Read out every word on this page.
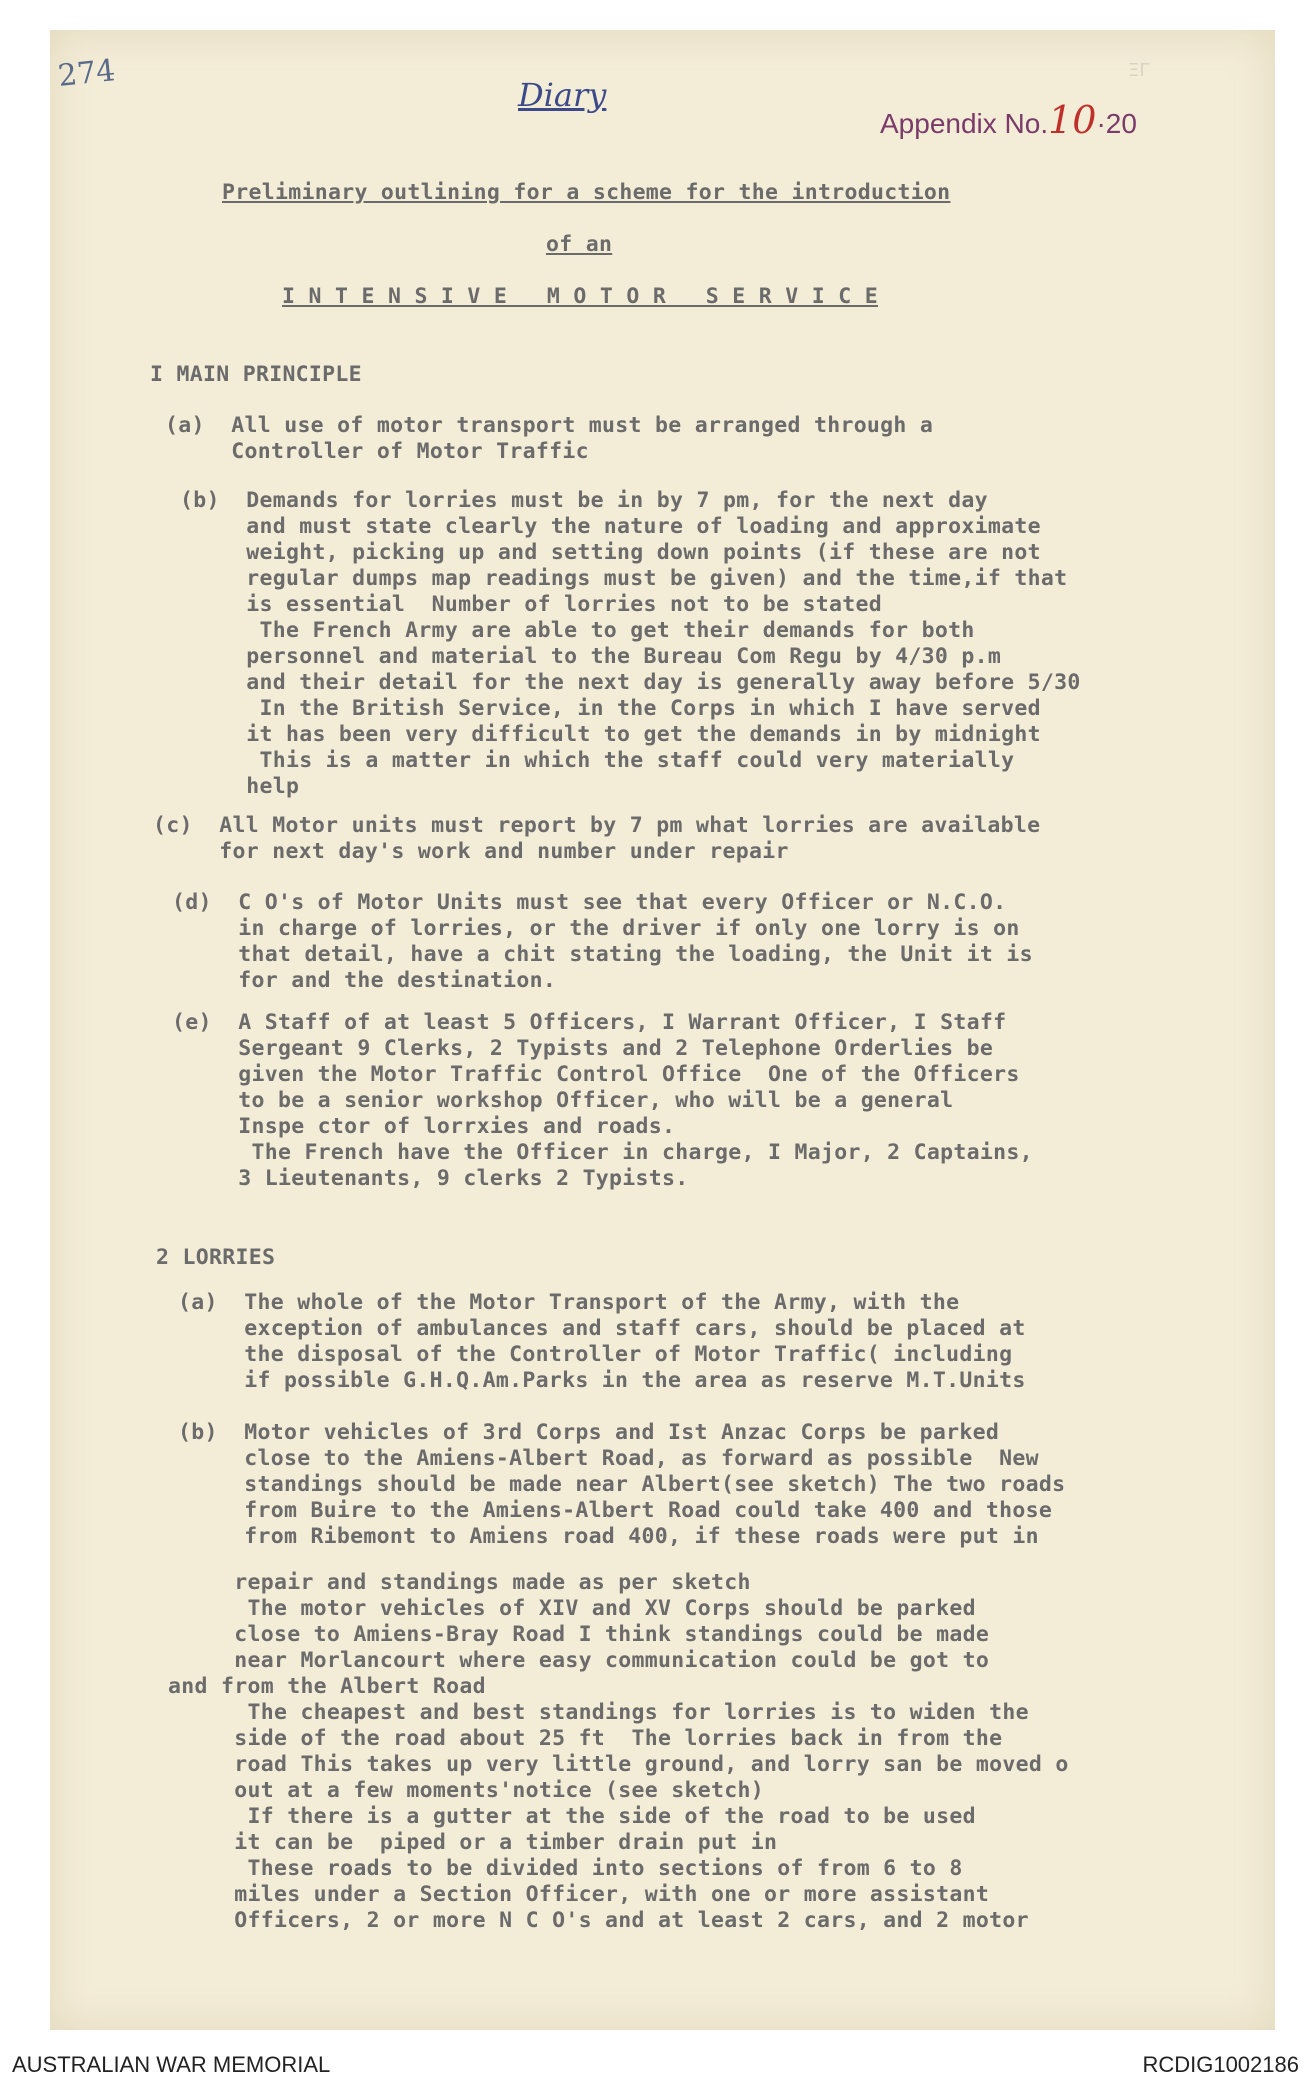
274
Diary
Appendix No.10·20
ΞΓ
Preliminary outlining for a scheme for the introduction
of an
I N T E N S I V E   M O T O R   S E R V I C E
I MAIN PRINCIPLE
(a)  All use of motor transport must be arranged through a
Controller of Motor Traffic
(b)  Demands for lorries must be in by 7 pm, for the next day
and must state clearly the nature of loading and approximate
weight, picking up and setting down points (if these are not
regular dumps map readings must be given) and the time,if that
is essential  Number of lorries not to be stated
The French Army are able to get their demands for both
personnel and material to the Bureau Com Regu by 4/30 p.m
and their detail for the next day is generally away before 5/30
In the British Service, in the Corps in which I have served
it has been very difficult to get the demands in by midnight
This is a matter in which the staff could very materially
help
(c)  All Motor units must report by 7 pm what lorries are available
for next day's work and number under repair
(d)  C O's of Motor Units must see that every Officer or N.C.O.
in charge of lorries, or the driver if only one lorry is on
that detail, have a chit stating the loading, the Unit it is
for and the destination.
(e)  A Staff of at least 5 Officers, I Warrant Officer, I Staff
Sergeant 9 Clerks, 2 Typists and 2 Telephone Orderlies be
given the Motor Traffic Control Office  One of the Officers
to be a senior workshop Officer, who will be a general
Inspe ctor of lorrxies and roads.
The French have the Officer in charge, I Major, 2 Captains,
3 Lieutenants, 9 clerks 2 Typists.
2 LORRIES
(a)  The whole of the Motor Transport of the Army, with the
exception of ambulances and staff cars, should be placed at
the disposal of the Controller of Motor Traffic( including
if possible G.H.Q.Am.Parks in the area as reserve M.T.Units
(b)  Motor vehicles of 3rd Corps and Ist Anzac Corps be parked
close to the Amiens-Albert Road, as forward as possible  New
standings should be made near Albert(see sketch) The two roads
from Buire to the Amiens-Albert Road could take 400 and those
from Ribemont to Amiens road 400, if these roads were put in
repair and standings made as per sketch
The motor vehicles of XIV and XV Corps should be parked
close to Amiens-Bray Road I think standings could be made
near Morlancourt where easy communication could be got to
and from the Albert Road
The cheapest and best standings for lorries is to widen the
side of the road about 25 ft  The lorries back in from the
road This takes up very little ground, and lorry san be moved o
out at a few moments'notice (see sketch)
If there is a gutter at the side of the road to be used
it can be  piped or a timber drain put in
These roads to be divided into sections of from 6 to 8
miles under a Section Officer, with one or more assistant
Officers, 2 or more N C O's and at least 2 cars, and 2 motor
AUSTRALIAN WAR MEMORIAL	RCDIG1002186
